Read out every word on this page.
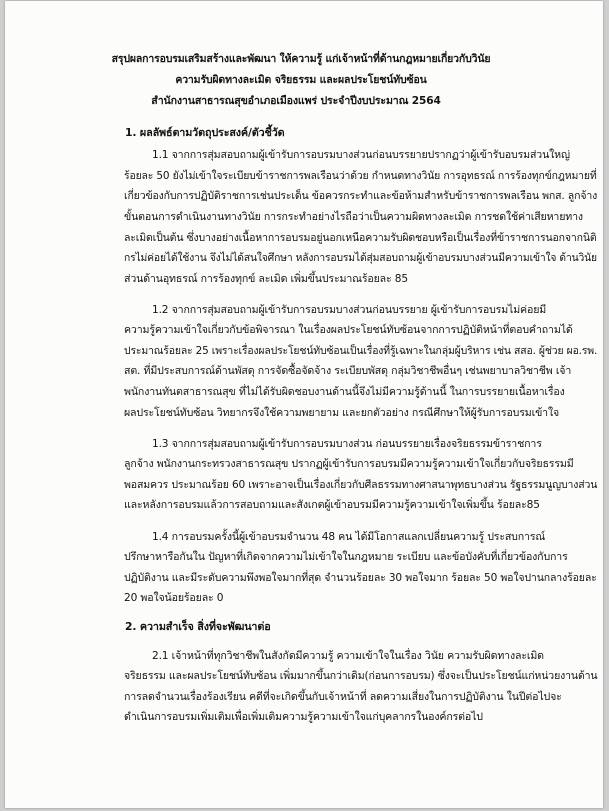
สรุปผลการอบรมเสริมสร้างและพัฒนา ให้ความรู้ แก่เจ้าหน้าที่ด้านกฎหมายเกี่ยวกับวินัย
ความรับผิดทางละเมิด จริยธรรม และผลประโยชน์ทับซ้อน
สำนักงานสาธารณสุขอำเภอเมืองแพร่ ประจำปีงบประมาณ 2564
1. ผลลัพธ์ตามวัตถุประสงค์/ตัวชี้วัด
1.1 จากการสุ่มสอบถามผู้เข้ารับการอบรมบางส่วนก่อนบรรยายปรากฏว่าผู้เข้ารับอบรมส่วนใหญ่
ร้อยละ 50 ยังไม่เข้าใจระเบียบข้าราชการพลเรือนว่าด้วย กำหนดทางวินัย การอุทธรณ์ การร้องทุกข์กฎหมายที่
เกี่ยวข้องกับการปฏิบัติราชการเช่นประเด็น ข้อควรกระทำและข้อห้ามสำหรับข้าราชการพลเรือน พกส. ลูกจ้าง
ขั้นตอนการดำเนินงานทางวินัย การกระทำอย่างไรถือว่าเป็นความผิดทางละเมิด การชดใช้ค่าเสียหายทาง
ละเมิดเป็นต้น ซึ่งบางอย่างเนื้อหาการอบรมอยู่นอกเหนือความรับผิดชอบหรือเป็นเรื่องที่ข้าราชการนอกจากนิติ
กรไม่ค่อยได้ใช้งาน จึงไม่ได้สนใจศึกษา หลังการอบรมได้สุ่มสอบถามผู้เข้าอบรมบางส่วนมีความเข้าใจ ด้านวินัย
ส่วนด้านอุทธรณ์ การร้องทุกข์ ละเมิด เพิ่มขึ้นประมาณร้อยละ 85
1.2 จากการสุ่มสอบถามผู้เข้ารับการอบรมบางส่วนก่อนบรรยาย ผู้เข้ารับการอบรมไม่ค่อยมี
ความรู้ความเข้าใจเกี่ยวกับข้อพิจารณา ในเรื่องผลประโยชน์ทับซ้อนจากการปฏิบัติหน้าที่ตอบคำถามได้
ประมาณร้อยละ 25 เพราะเรื่องผลประโยชน์ทับซ้อนเป็นเรื่องที่รู้เฉพาะในกลุ่มผู้บริหาร เช่น สสอ. ผู้ช่วย ผอ.รพ.
สต. ที่มีประสบการณ์ด้านพัสดุ การจัดซื้อจัดจ้าง ระเบียบพัสดุ กลุ่มวิชาชีพอื่นๆ เช่นพยาบาลวิชาชีพ เจ้า
พนักงานทันตสาธารณสุข ที่ไม่ได้รับผิดชอบงานด้านนี้จึงไม่มีความรู้ด้านนี้ ในการบรรยายเนื้อหาเรื่อง
ผลประโยชน์ทับซ้อน วิทยากรจึงใช้ความพยายาม และยกตัวอย่าง กรณีศึกษาให้ผู้รับการอบรมเข้าใจ
1.3 จากการสุ่มสอบถามผู้เข้ารับการอบรมบางส่วน ก่อนบรรยายเรื่องจริยธรรมข้าราชการ
ลูกจ้าง พนักงานกระทรวงสาธารณสุข ปรากฏผู้เข้ารับการอบรมมีความรู้ความเข้าใจเกี่ยวกับจริยธรรมมี
พอสมควร ประมาณร้อย 60 เพราะอาจเป็นเรื่องเกี่ยวกับศีลธรรมทางศาสนาพุทธบางส่วน รัฐธรรมนูญบางส่วน
และหลังการอบรมแล้วการสอบถามและสังเกตผู้เข้าอบรมมีความรู้ความเข้าใจเพิ่มขึ้น ร้อยละ85
1.4 การอบรมครั้งนี้ผู้เข้าอบรมจำนวน 48 คน ได้มีโอกาสแลกเปลี่ยนความรู้ ประสบการณ์
ปรึกษาหารือกันใน ปัญหาที่เกิดจากความไม่เข้าใจในกฎหมาย ระเบียบ และข้อบังคับที่เกี่ยวข้องกับการ
ปฏิบัติงาน และมีระดับความพึงพอใจมากที่สุด จำนวนร้อยละ 30 พอใจมาก ร้อยละ 50 พอใจปานกลางร้อยละ
20 พอใจน้อยร้อยละ 0
2. ความสำเร็จ สิ่งที่จะพัฒนาต่อ
2.1 เจ้าหน้าที่ทุกวิชาชีพในสังกัดมีความรู้ ความเข้าใจในเรื่อง วินัย ความรับผิดทางละเมิด
จริยธรรม และผลประโยชน์ทับซ้อน เพิ่มมากขึ้นกว่าเดิม(ก่อนการอบรม) ซึ่งจะเป็นประโยชน์แก่หน่วยงานด้าน
การลดจำนวนเรื่องร้องเรียน คดีที่จะเกิดขึ้นกับเจ้าหน้าที่ ลดความเสี่ยงในการปฏิบัติงาน ในปีต่อไปจะ
ดำเนินการอบรมเพิ่มเติมเพื่อเพิ่มเติมความรู้ความเข้าใจแก่บุคลากรในองค์กรต่อไป
